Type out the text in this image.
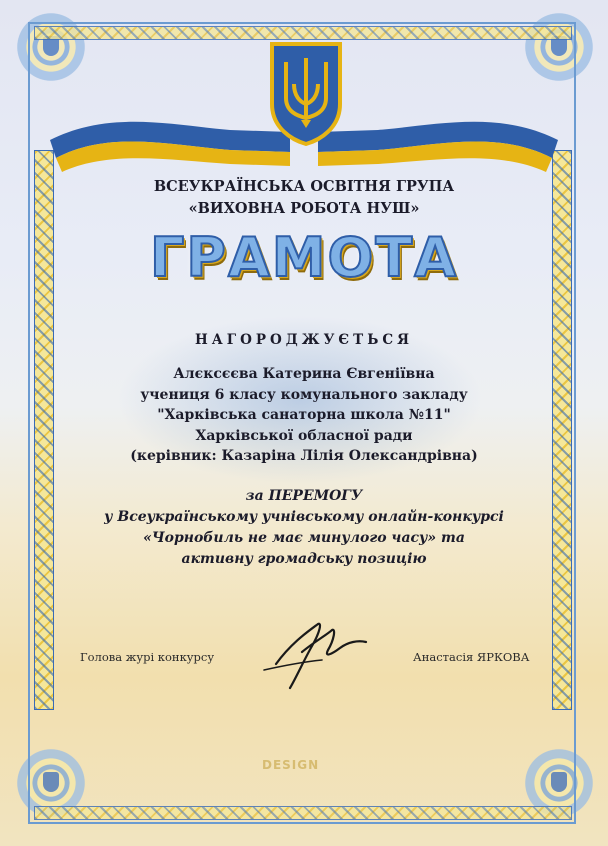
ВСЕУКРАЇНСЬКА ОСВІТНЯ ГРУПА
«ВИХОВНА РОБОТА НУШ»
ГРАМОТА
НАГОРОДЖУЄТЬСЯ
Алєксєєва Катерина Євгеніївна
учениця 6 класу комунального закладу
"Харківська санаторна школа №11"
Харківської обласної ради
(керівник: Казаріна Лілія Олександрівна)
за ПЕРЕМОГУ
у Всеукраїнському учнівському онлайн-конкурсі
«Чорнобиль не має минулого часу» та
активну громадську позицію
Голова журі конкурсу	Анастасія ЯРКОВА
DESIGN
